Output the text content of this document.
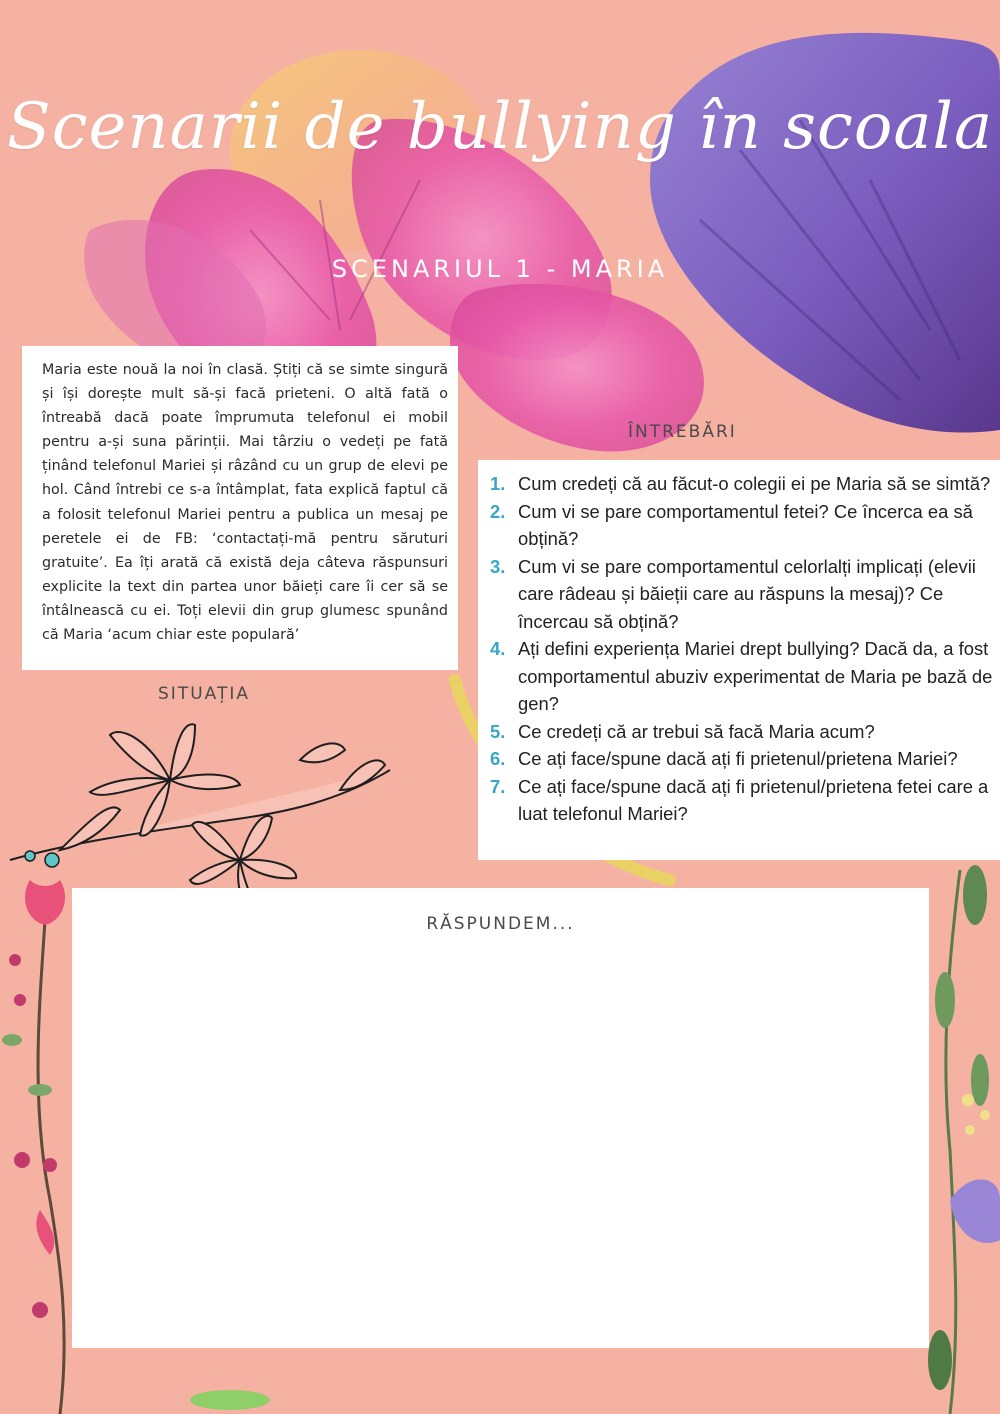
Scenarii de bullying în scoala
SCENARIUL 1 - MARIA
Maria este nouă la noi în clasă. Știți că se simte singură și își dorește mult să-și facă prieteni. O altă fată o întreabă dacă poate împrumuta telefonul ei mobil pentru a-și suna părinții. Mai târziu o vedeți pe fată ținând telefonul Mariei și râzând cu un grup de elevi pe hol. Când întrebi ce s-a întâmplat, fata explică faptul că a folosit telefonul Mariei pentru a publica un mesaj pe peretele ei de FB: ‘contactați-mă pentru săruturi gratuite’. Ea îți arată că există deja câteva răspunsuri explicite la text din partea unor băieți care îi cer să se întâlnească cu ei. Toți elevii din grup glumesc spunând că Maria ‘acum chiar este populară’
SITUAȚIA
ÎNTREBĂRI
1. Cum credeți că au făcut-o colegii ei pe Maria să se simtă?
2. Cum vi se pare comportamentul fetei? Ce încerca ea să obțină?
3. Cum vi se pare comportamentul celorlalți implicați (elevii care râdeau și băieții care au răspuns la mesaj)? Ce încercau să obțină?
4. Ați defini experiența Mariei drept bullying? Dacă da, a fost comportamentul abuziv experimentat de Maria pe bază de gen?
5. Ce credeți că ar trebui să facă Maria acum?
6. Ce ați face/spune dacă ați fi prietenul/prietena Mariei?
7. Ce ați face/spune dacă ați fi prietenul/prietena fetei care a luat telefonul Mariei?
RĂSPUNDEM...
